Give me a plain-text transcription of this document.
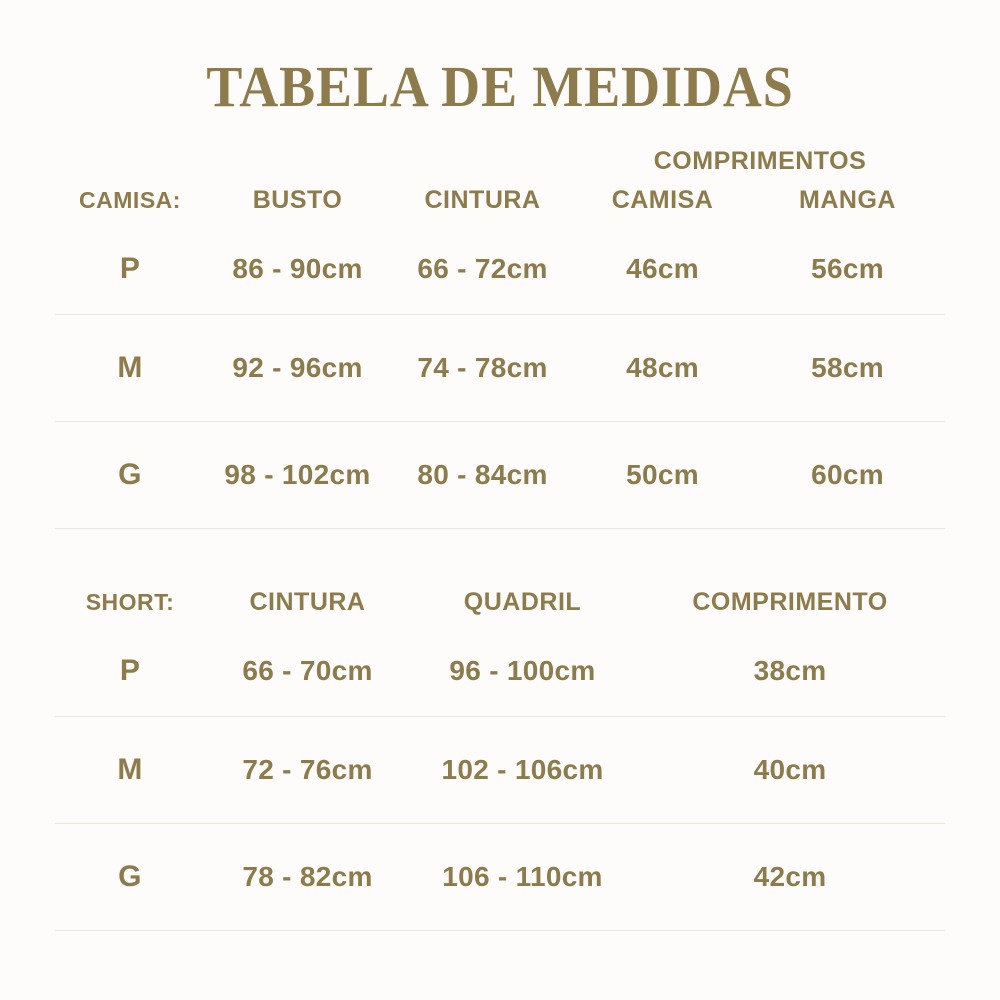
TABELA DE MEDIDAS
			COMPRIMENTOS	
CAMISA:	BUSTO	CINTURA	CAMISA	MANGA
P	86 - 90cm	66 - 72cm	46cm	56cm
M	92 - 96cm	74 - 78cm	48cm	58cm
G	98 - 102cm	80 - 84cm	50cm	60cm
SHORT:	CINTURA	QUADRIL	COMPRIMENTO
P	66 - 70cm	96 - 100cm	38cm
M	72 - 76cm	102 - 106cm	40cm
G	78 - 82cm	106 - 110cm	42cm
